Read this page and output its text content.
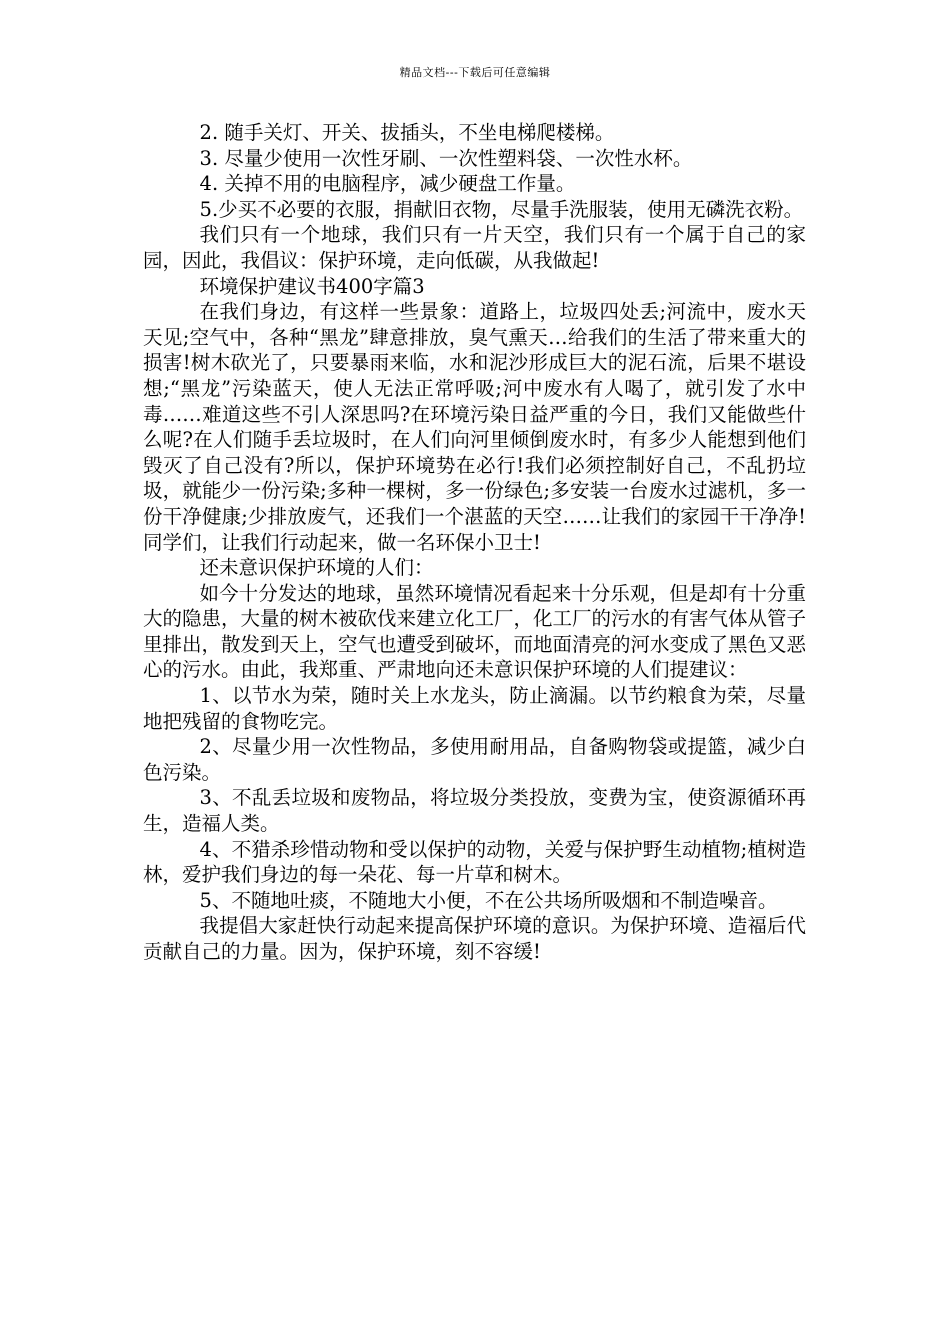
精品文档---下载后可任意编辑

2. 随手关灯、开关、拔插头，不坐电梯爬楼梯。

3. 尽量少使用一次性牙刷、一次性塑料袋、一次性水杯。

4. 关掉不用的电脑程序，减少硬盘工作量。

5.少买不必要的衣服，捐献旧衣物，尽量手洗服装，使用无磷洗衣粉。

我们只有一个地球，我们只有一片天空，我们只有一个属于自己的家园，因此，我倡议：保护环境，走向低碳，从我做起!

环境保护建议书400字篇3

在我们身边，有这样一些景象：道路上，垃圾四处丢;河流中，废水天天见;空气中，各种“黑龙”肆意排放，臭气熏天…给我们的生活了带来重大的损害!树木砍光了，只要暴雨来临，水和泥沙形成巨大的泥石流，后果不堪设想;“黑龙”污染蓝天，使人无法正常呼吸;河中废水有人喝了，就引发了水中毒……难道这些不引人深思吗?在环境污染日益严重的今日，我们又能做些什么呢?在人们随手丢垃圾时，在人们向河里倾倒废水时，有多少人能想到他们毁灭了自己没有?所以，保护环境势在必行!我们必须控制好自己，不乱扔垃圾，就能少一份污染;多种一棵树，多一份绿色;多安装一台废水过滤机，多一份干净健康;少排放废气，还我们一个湛蓝的天空……让我们的家园干干净净!同学们，让我们行动起来，做一名环保小卫士!

还未意识保护环境的人们：

如今十分发达的地球，虽然环境情况看起来十分乐观，但是却有十分重大的隐患，大量的树木被砍伐来建立化工厂，化工厂的污水的有害气体从管子里排出，散发到天上，空气也遭受到破坏，而地面清亮的河水变成了黑色又恶心的污水。由此，我郑重、严肃地向还未意识保护环境的人们提建议：

1、以节水为荣，随时关上水龙头，防止滴漏。以节约粮食为荣，尽量地把残留的食物吃完。

2、尽量少用一次性物品，多使用耐用品，自备购物袋或提篮，减少白色污染。

3、不乱丢垃圾和废物品，将垃圾分类投放，变费为宝，使资源循环再生，造福人类。

4、不猎杀珍惜动物和受以保护的动物，关爱与保护野生动植物;植树造林，爱护我们身边的每一朵花、每一片草和树木。

5、不随地吐痰，不随地大小便，不在公共场所吸烟和不制造噪音。

我提倡大家赶快行动起来提高保护环境的意识。为保护环境、造福后代贡献自己的力量。因为，保护环境，刻不容缓!
